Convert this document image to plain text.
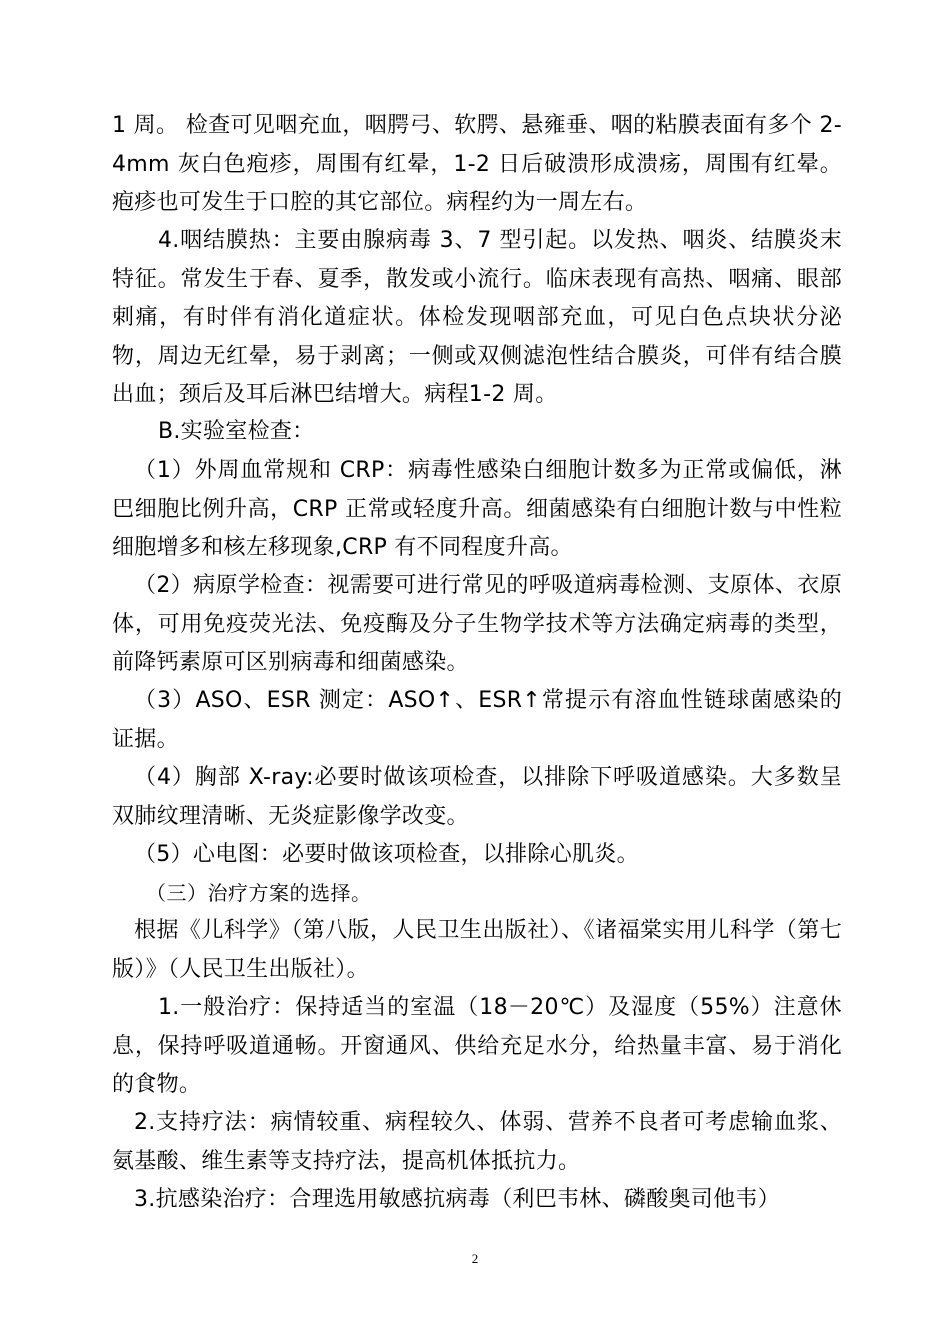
1 周。 检查可见咽充血，咽腭弓、软腭、悬雍垂、咽的粘膜表面有多个 2-4mm 灰白色疱疹，周围有红晕，1-2 日后破溃形成溃疡，周围有红晕。疱疹也可发生于口腔的其它部位。病程约为一周左右。

4.咽结膜热：主要由腺病毒 3、7 型引起。以发热、咽炎、结膜炎末特征。常发生于春、夏季，散发或小流行。临床表现有高热、咽痛、眼部刺痛，有时伴有消化道症状。体检发现咽部充血，可见白色点块状分泌物，周边无红晕，易于剥离；一侧或双侧滤泡性结合膜炎，可伴有结合膜出血；颈后及耳后淋巴结增大。病程1-2 周。

B.实验室检查：

（1）外周血常规和 CRP：病毒性感染白细胞计数多为正常或偏低，淋巴细胞比例升高，CRP 正常或轻度升高。细菌感染有白细胞计数与中性粒细胞增多和核左移现象,CRP 有不同程度升高。

（2）病原学检查：视需要可进行常见的呼吸道病毒检测、支原体、衣原体，可用免疫荧光法、免疫酶及分子生物学技术等方法确定病毒的类型，前降钙素原可区别病毒和细菌感染。

（3）ASO、ESR 测定：ASO↑、ESR↑常提示有溶血性链球菌感染的证据。

（4）胸部 X-ray:必要时做该项检查，以排除下呼吸道感染。大多数呈双肺纹理清晰、无炎症影像学改变。

（5）心电图：必要时做该项检查，以排除心肌炎。

（三）治疗方案的选择。

根据《儿科学》（第八版，人民卫生出版社）、《诸福棠实用儿科学（第七版）》（人民卫生出版社）。

1.一般治疗：保持适当的室温（18－20℃）及湿度（55%）注意休息，保持呼吸道通畅。开窗通风、供给充足水分，给热量丰富、易于消化的食物。

2.支持疗法：病情较重、病程较久、体弱、营养不良者可考虑输血浆、氨基酸、维生素等支持疗法，提高机体抵抗力。

3.抗感染治疗：合理选用敏感抗病毒（利巴韦林、磷酸奥司他韦）

2
